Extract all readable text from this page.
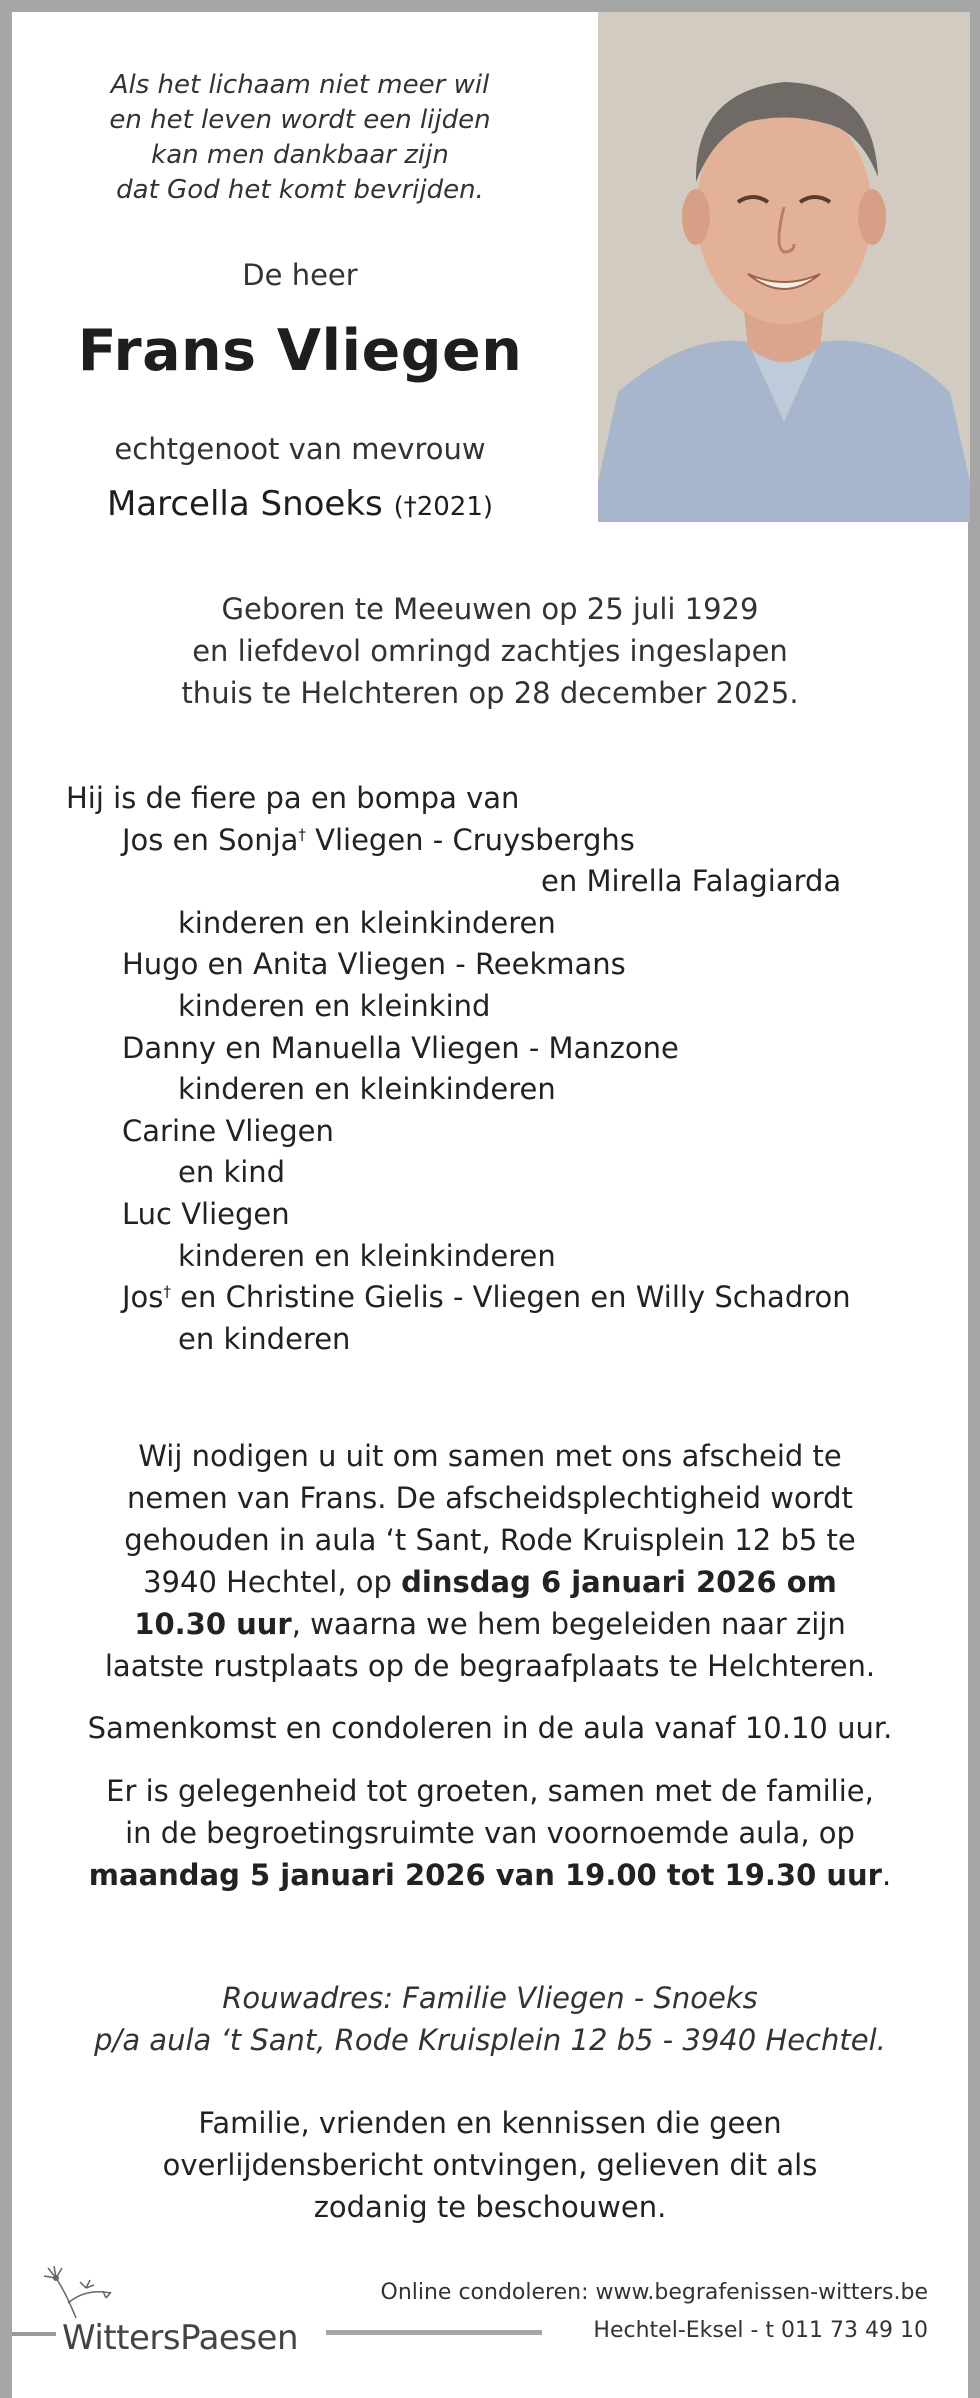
Als het lichaam niet meer wil
en het leven wordt een lijden
kan men dankbaar zijn
dat God het komt bevrijden.
De heer
Frans Vliegen
echtgenoot van mevrouw
Marcella Snoeks (†2021)
Geboren te Meeuwen op 25 juli 1929
en liefdevol omringd zachtjes ingeslapen
thuis te Helchteren op 28 december 2025.
Hij is de fiere pa en bompa van
Jos en Sonja† Vliegen - Cruysberghs
en Mirella Falagiarda
kinderen en kleinkinderen
Hugo en Anita Vliegen - Reekmans
kinderen en kleinkind
Danny en Manuella Vliegen - Manzone
kinderen en kleinkinderen
Carine Vliegen
en kind
Luc Vliegen
kinderen en kleinkinderen
Jos† en Christine Gielis - Vliegen en Willy Schadron
en kinderen
Wij nodigen u uit om samen met ons afscheid te
nemen van Frans. De afscheidsplechtigheid wordt
gehouden in aula ‘t Sant, Rode Kruisplein 12 b5 te
3940 Hechtel, op dinsdag 6 januari 2026 om
10.30 uur, waarna we hem begeleiden naar zijn
laatste rustplaats op de begraafplaats te Helchteren.
Samenkomst en condoleren in de aula vanaf 10.10 uur.
Er is gelegenheid tot groeten, samen met de familie,
in de begroetingsruimte van voornoemde aula, op
maandag 5 januari 2026 van 19.00 tot 19.30 uur.
Rouwadres: Familie Vliegen - Snoeks
p/a aula ‘t Sant, Rode Kruisplein 12 b5 - 3940 Hechtel.
Familie, vrienden en kennissen die geen
overlijdensbericht ontvingen, gelieven dit als
zodanig te beschouwen.
WittersPaesen
Online condoleren: www.begrafenissen-witters.be
Hechtel-Eksel - t 011 73 49 10
